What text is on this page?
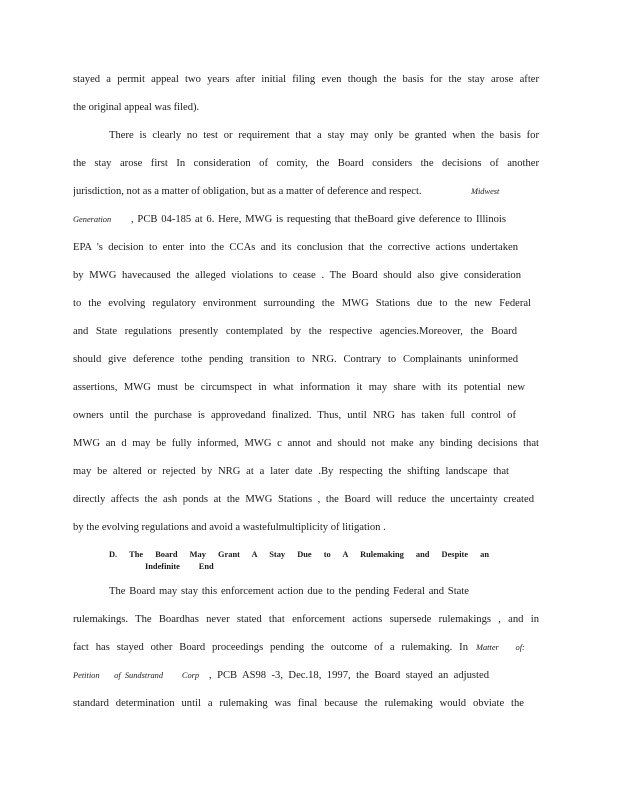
stayed a permit appeal two years after initial filing even though the basis for the stay arose after
the original appeal was filed).
There is clearly no test or requirement that a stay may only be granted when the basis for
the stay arose first In consideration of comity, the Board considers the decisions of another
jurisdiction, not as a matter of obligation, but as a matter of deference and respect.	Midwest
Generation	, PCB 04-185 at 6. Here, MWG is requesting that theBoard give deference to Illinois
EPA 's decision to enter into the CCAs and its conclusion that the corrective actions undertaken
by MWG havecaused the alleged violations to cease . The Board should also give consideration
to the evolving regulatory environment surrounding the MWG Stations due to the new Federal
and State regulations presently contemplated by the respective agencies.Moreover, the Board
should give deference tothe pending transition to NRG. Contrary to Complainants uninformed
assertions, MWG must be circumspect in what information it may share with its potential new
owners until the purchase is approvedand finalized. Thus, until NRG has taken full control of
MWG an d may be fully informed, MWG c annot and should not make any binding decisions that
may be altered or rejected by NRG at a later date .By respecting the shifting landscape that
directly affects the ash ponds at the MWG Stations , the Board will reduce the uncertainty created
by the evolving regulations and avoid a wastefulmultiplicity of litigation .
D. The Board May Grant A Stay Due to A Rulemaking and Despite an
Indefinite         End
The Board may stay this enforcement action due to the pending Federal and State
rulemakings. The Boardhas never stated that enforcement actions supersede rulemakings , and in
fact has stayed other Board proceedings pending the outcome of a rulemaking. In Matter        of:
Petition       of  Sundstrand         Corp , PCB AS98 -3, Dec.18, 1997, the Board stayed an adjusted
standard determination until a rulemaking was final because the rulemaking would obviate the
